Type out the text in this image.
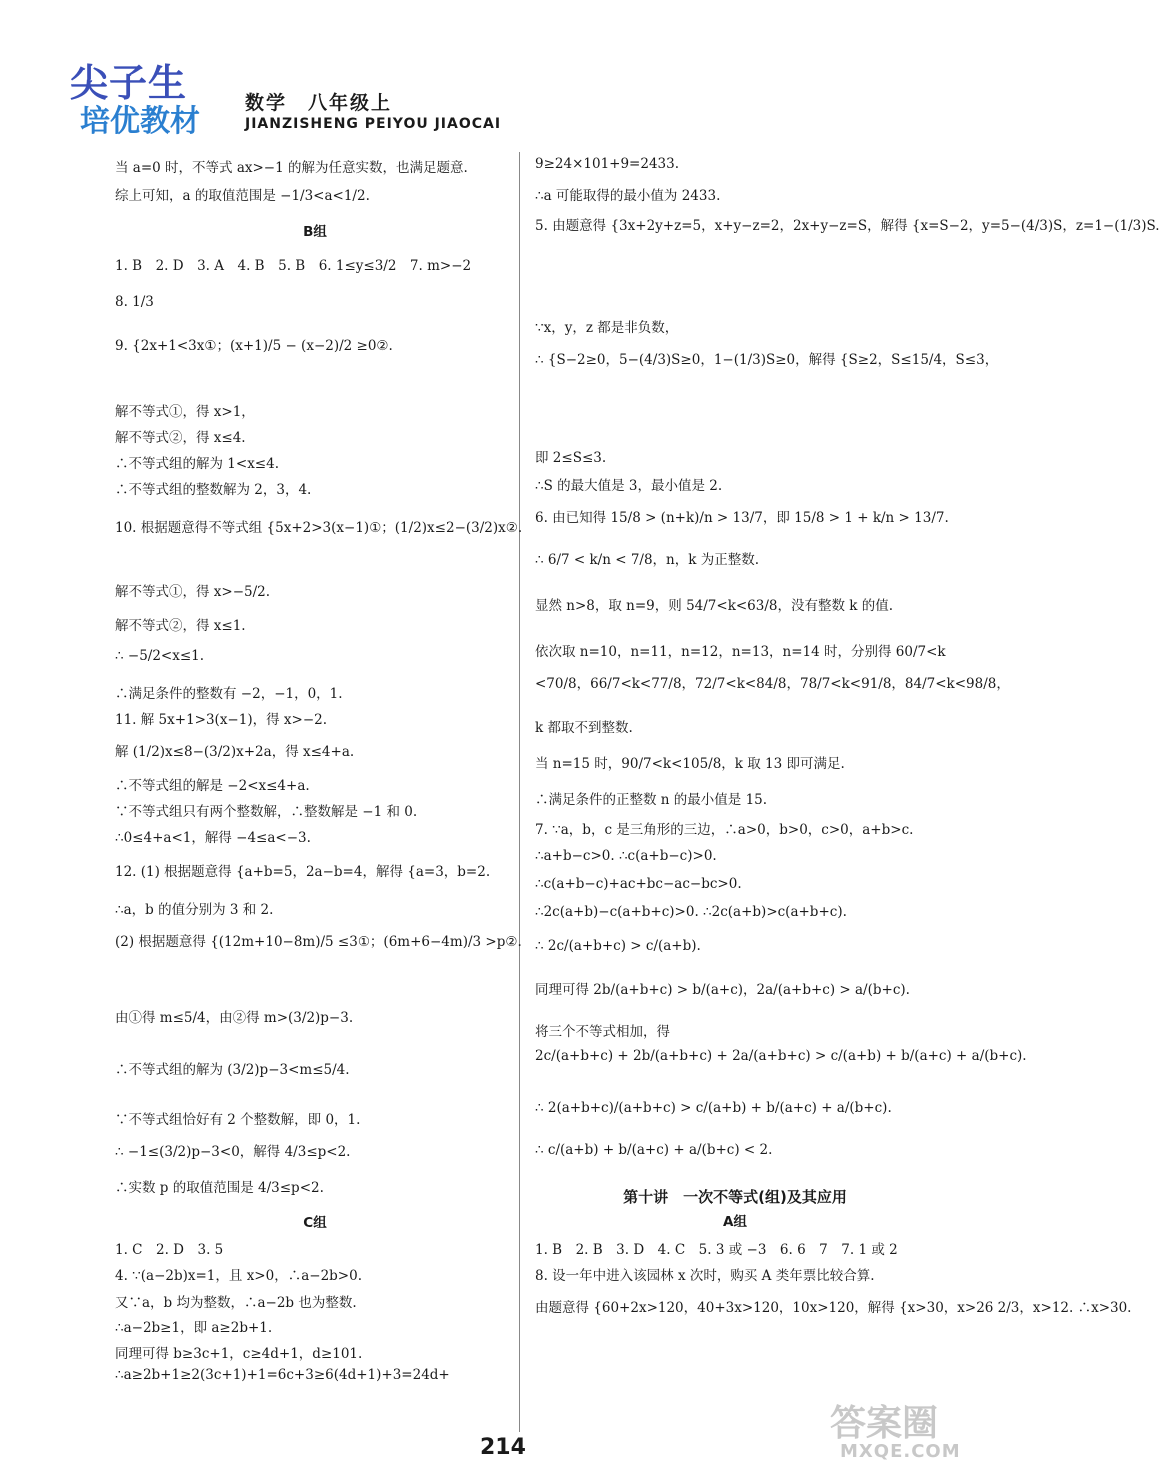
尖子生
培优教材
数学　八年级上
JIANZISHENG PEIYOU JIAOCAI
当 a=0 时，不等式 ax>−1 的解为任意实数，也满足题意.
综上可知，a 的取值范围是 −1/3<a<1/2.
B组
1. B　2. D　3. A　4. B　5. B　6. 1≤y≤3/2　7. m>−2
8. 1/3
9. {2x+1<3x①；(x+1)/5 − (x−2)/2 ≥0②.
解不等式①，得 x>1，
解不等式②，得 x≤4.
∴不等式组的解为 1<x≤4.
∴不等式组的整数解为 2，3，4.
10. 根据题意得不等式组 {5x+2>3(x−1)①；(1/2)x≤2−(3/2)x②.
解不等式①，得 x>−5/2.
解不等式②，得 x≤1.
∴ −5/2<x≤1.
∴满足条件的整数有 −2，−1，0，1.
11. 解 5x+1>3(x−1)，得 x>−2.
解 (1/2)x≤8−(3/2)x+2a，得 x≤4+a.
∴不等式组的解是 −2<x≤4+a.
∵不等式组只有两个整数解，∴整数解是 −1 和 0.
∴0≤4+a<1，解得 −4≤a<−3.
12. (1) 根据题意得 {a+b=5，2a−b=4，解得 {a=3，b=2.
∴a，b 的值分别为 3 和 2.
(2) 根据题意得 {(12m+10−8m)/5 ≤3①；(6m+6−4m)/3 >p②.
由①得 m≤5/4，由②得 m>(3/2)p−3.
∴不等式组的解为 (3/2)p−3<m≤5/4.
∵不等式组恰好有 2 个整数解，即 0，1.
∴ −1≤(3/2)p−3<0，解得 4/3≤p<2.
∴实数 p 的取值范围是 4/3≤p<2.
C组
1. C　2. D　3. 5
4. ∵(a−2b)x=1，且 x>0，∴a−2b>0.
又∵a，b 均为整数，∴a−2b 也为整数.
∴a−2b≥1，即 a≥2b+1.
同理可得 b≥3c+1，c≥4d+1，d≥101.
∴a≥2b+1≥2(3c+1)+1=6c+3≥6(4d+1)+3=24d+
9≥24×101+9=2433.
∴a 可能取得的最小值为 2433.
5. 由题意得 {3x+2y+z=5，x+y−z=2，2x+y−z=S，解得 {x=S−2，y=5−(4/3)S，z=1−(1/3)S.
∵x，y，z 都是非负数，
∴ {S−2≥0，5−(4/3)S≥0，1−(1/3)S≥0，解得 {S≥2，S≤15/4，S≤3，
即 2≤S≤3.
∴S 的最大值是 3，最小值是 2.
6. 由已知得 15/8 > (n+k)/n > 13/7，即 15/8 > 1 + k/n > 13/7.
∴ 6/7 < k/n < 7/8，n，k 为正整数.
显然 n>8，取 n=9，则 54/7<k<63/8，没有整数 k 的值.
依次取 n=10，n=11，n=12，n=13，n=14 时，分别得 60/7<k
<70/8，66/7<k<77/8，72/7<k<84/8，78/7<k<91/8，84/7<k<98/8，
k 都取不到整数.
当 n=15 时，90/7<k<105/8，k 取 13 即可满足.
∴满足条件的正整数 n 的最小值是 15.
7. ∵a，b，c 是三角形的三边，∴a>0，b>0，c>0，a+b>c.
∴a+b−c>0. ∴c(a+b−c)>0.
∴c(a+b−c)+ac+bc−ac−bc>0.
∴2c(a+b)−c(a+b+c)>0. ∴2c(a+b)>c(a+b+c).
∴ 2c/(a+b+c) > c/(a+b).
同理可得 2b/(a+b+c) > b/(a+c)，2a/(a+b+c) > a/(b+c).
将三个不等式相加，得
2c/(a+b+c) + 2b/(a+b+c) + 2a/(a+b+c) > c/(a+b) + b/(a+c) + a/(b+c).
∴ 2(a+b+c)/(a+b+c) > c/(a+b) + b/(a+c) + a/(b+c).
∴ c/(a+b) + b/(a+c) + a/(b+c) < 2.
第十讲　一次不等式(组)及其应用
A组
1. B　2. B　3. D　4. C　5. 3 或 −3　6. 6　7　7. 1 或 2
8. 设一年中进入该园林 x 次时，购买 A 类年票比较合算.
由题意得 {60+2x>120，40+3x>120，10x>120，解得 {x>30，x>26 2/3，x>12. ∴x>30.
214
答案圈
MXQE.COM
